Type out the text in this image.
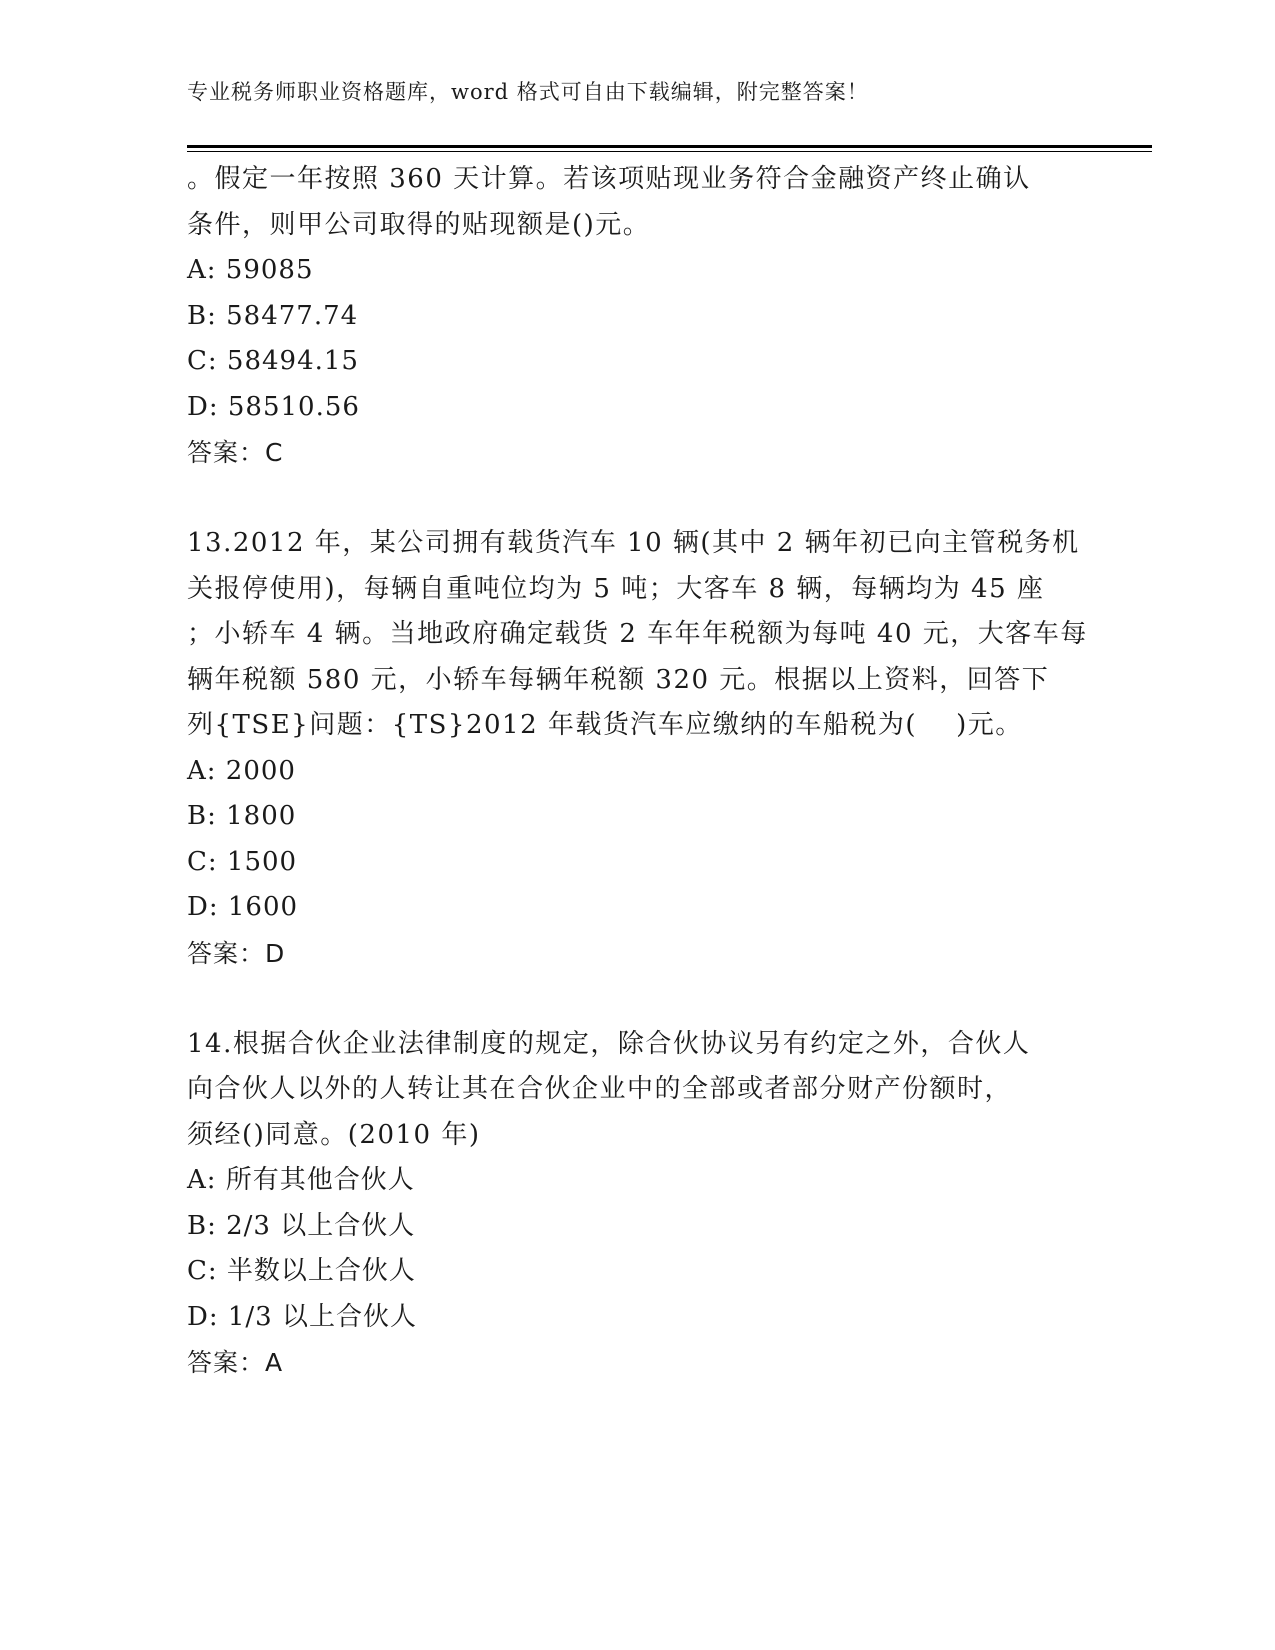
专业税务师职业资格题库，word 格式可自由下载编辑，附完整答案！
。假定一年按照 360 天计算。若该项贴现业务符合金融资产终止确认
条件，则甲公司取得的贴现额是()元。
A: 59085
B: 58477.74
C: 58494.15
D: 58510.56
答案：C
13.2012 年，某公司拥有载货汽车 10 辆(其中 2 辆年初已向主管税务机
关报停使用)，每辆自重吨位均为 5 吨；大客车 8 辆，每辆均为 45 座
；小轿车 4 辆。当地政府确定载货 2 车年年税额为每吨 40 元，大客车每
辆年税额 580 元，小轿车每辆年税额 320 元。根据以上资料，回答下
列{TSE}问题：{TS}2012 年载货汽车应缴纳的车船税为(    )元。
A: 2000
B: 1800
C: 1500
D: 1600
答案：D
14.根据合伙企业法律制度的规定，除合伙协议另有约定之外，合伙人
向合伙人以外的人转让其在合伙企业中的全部或者部分财产份额时，
须经()同意。(2010 年)
A: 所有其他合伙人
B: 2/3 以上合伙人
C: 半数以上合伙人
D: 1/3 以上合伙人
答案：A
